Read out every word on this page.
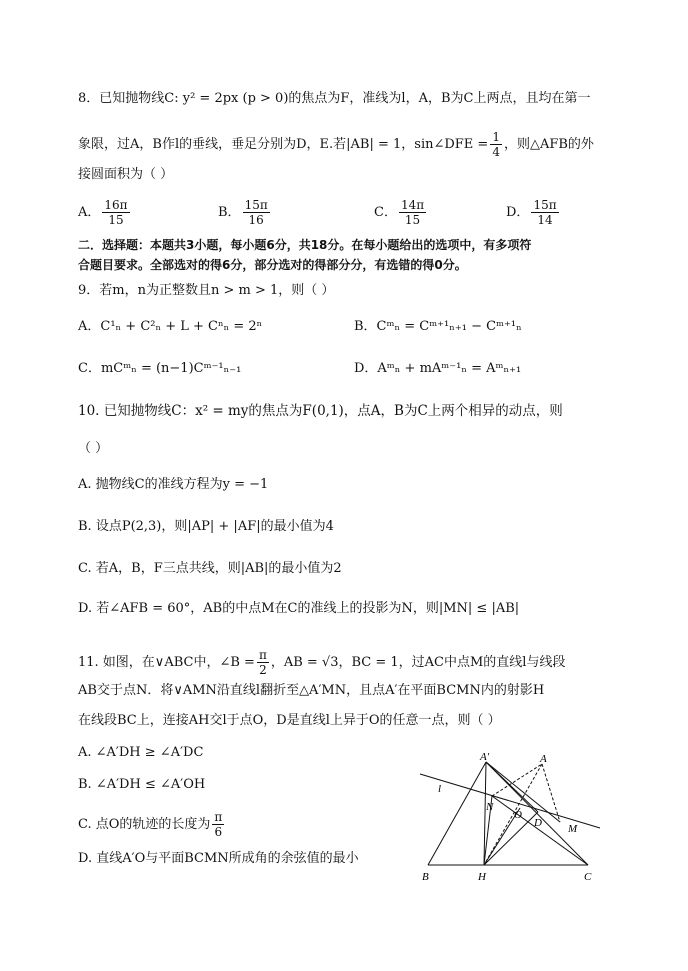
8．已知抛物线C: y² = 2px (p > 0)的焦点为F，准线为l，A，B为C上两点，且均在第一
象限，过A，B作l的垂线，垂足分别为D，E.若|AB| = 1，sin∠DFE = $\frac{1}{4}$ ，则△AFB的外
接圆面积为（ ）
A． $\frac{16\pi}{15}$	B． $\frac{15\pi}{16}$	C． $\frac{14\pi}{15}$	D． $\frac{15\pi}{14}$
二．选择题：本题共3小题，每小题6分，共18分。在每小题给出的选项中，有多项符
合题目要求。全部选对的得6分，部分选对的得部分分，有选错的得0分。
9．若m，n为正整数且n > m > 1，则（ ）
A．C¹ₙ + C²ₙ + L + Cⁿₙ = 2ⁿ	B．Cᵐₙ = Cᵐ⁺¹ₙ₊₁ − Cᵐ⁺¹ₙ
C．mCᵐₙ = (n−1)Cᵐ⁻¹ₙ₋₁	D．Aᵐₙ + mAᵐ⁻¹ₙ = Aᵐₙ₊₁
10. 已知抛物线C：x² = my的焦点为F(0,1)，点A，B为C上两个相异的动点，则
（ ）
A. 抛物线C的准线方程为y = −1
B. 设点P(2,3)，则|AP| + |AF|的最小值为4
C. 若A，B，F三点共线，则|AB|的最小值为2
D. 若∠AFB = 60°，AB的中点M在C的准线上的投影为N，则|MN| ≤ |AB|
11. 如图，在∨ABC中，∠B = $\frac{\pi}{2}$ ，AB = √3，BC = 1，过AC中点M的直线l与线段
AB交于点N．将∨AMN沿直线l翻折至△A′MN，且点A′在平面BCMN内的射影H
在线段BC上，连接AH交l于点O，D是直线l上异于O的任意一点，则（ ）
A. ∠A′DH ≥ ∠A′DC
B. ∠A′DH ≤ ∠A′OH
C. 点O的轨迹的长度为 $\frac{\pi}{6}$
D. 直线A′O与平面BCMN所成角的余弦值的最小
A′	A
l
N
O
D M
B	H	C
